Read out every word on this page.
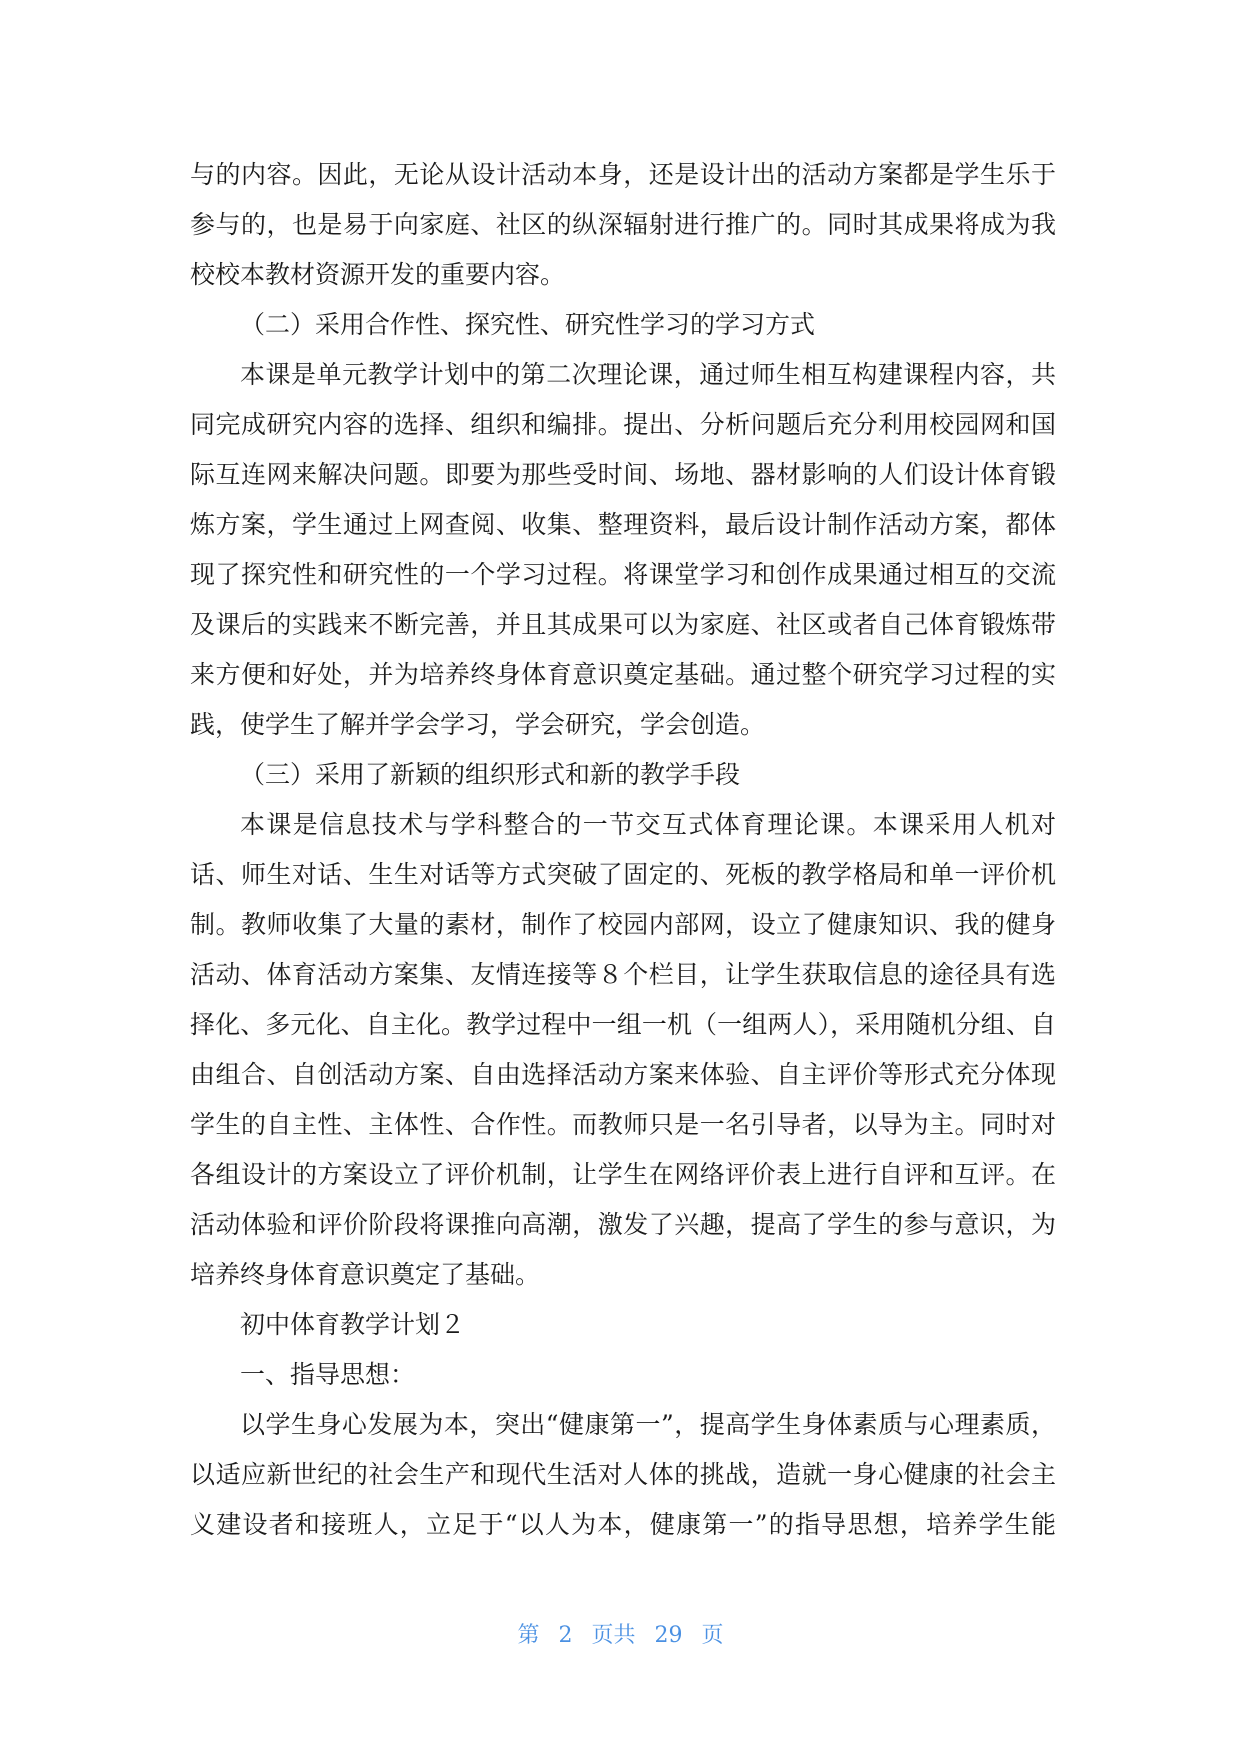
与的内容。因此，无论从设计活动本身，还是设计出的活动方案都是学生乐于
参与的，也是易于向家庭、社区的纵深辐射进行推广的。同时其成果将成为我
校校本教材资源开发的重要内容。
（二）采用合作性、探究性、研究性学习的学习方式
本课是单元教学计划中的第二次理论课，通过师生相互构建课程内容，共
同完成研究内容的选择、组织和编排。提出、分析问题后充分利用校园网和国
际互连网来解决问题。即要为那些受时间、场地、器材影响的人们设计体育锻
炼方案，学生通过上网查阅、收集、整理资料，最后设计制作活动方案，都体
现了探究性和研究性的一个学习过程。将课堂学习和创作成果通过相互的交流
及课后的实践来不断完善，并且其成果可以为家庭、社区或者自己体育锻炼带
来方便和好处，并为培养终身体育意识奠定基础。通过整个研究学习过程的实
践，使学生了解并学会学习，学会研究，学会创造。
（三）采用了新颖的组织形式和新的教学手段
本课是信息技术与学科整合的一节交互式体育理论课。本课采用人机对
话、师生对话、生生对话等方式突破了固定的、死板的教学格局和单一评价机
制。教师收集了大量的素材，制作了校园内部网，设立了健康知识、我的健身
活动、体育活动方案集、友情连接等８个栏目，让学生获取信息的途径具有选
择化、多元化、自主化。教学过程中一组一机（一组两人），采用随机分组、自
由组合、自创活动方案、自由选择活动方案来体验、自主评价等形式充分体现
学生的自主性、主体性、合作性。而教师只是一名引导者，以导为主。同时对
各组设计的方案设立了评价机制，让学生在网络评价表上进行自评和互评。在
活动体验和评价阶段将课推向高潮，激发了兴趣，提高了学生的参与意识，为
培养终身体育意识奠定了基础。
初中体育教学计划２
一、指导思想：
以学生身心发展为本，突出“健康第一”，提高学生身体素质与心理素质，
以适应新世纪的社会生产和现代生活对人体的挑战，造就一身心健康的社会主
义建设者和接班人，立足于“以人为本，健康第一”的指导思想，培养学生能
第 2 页共 29 页
